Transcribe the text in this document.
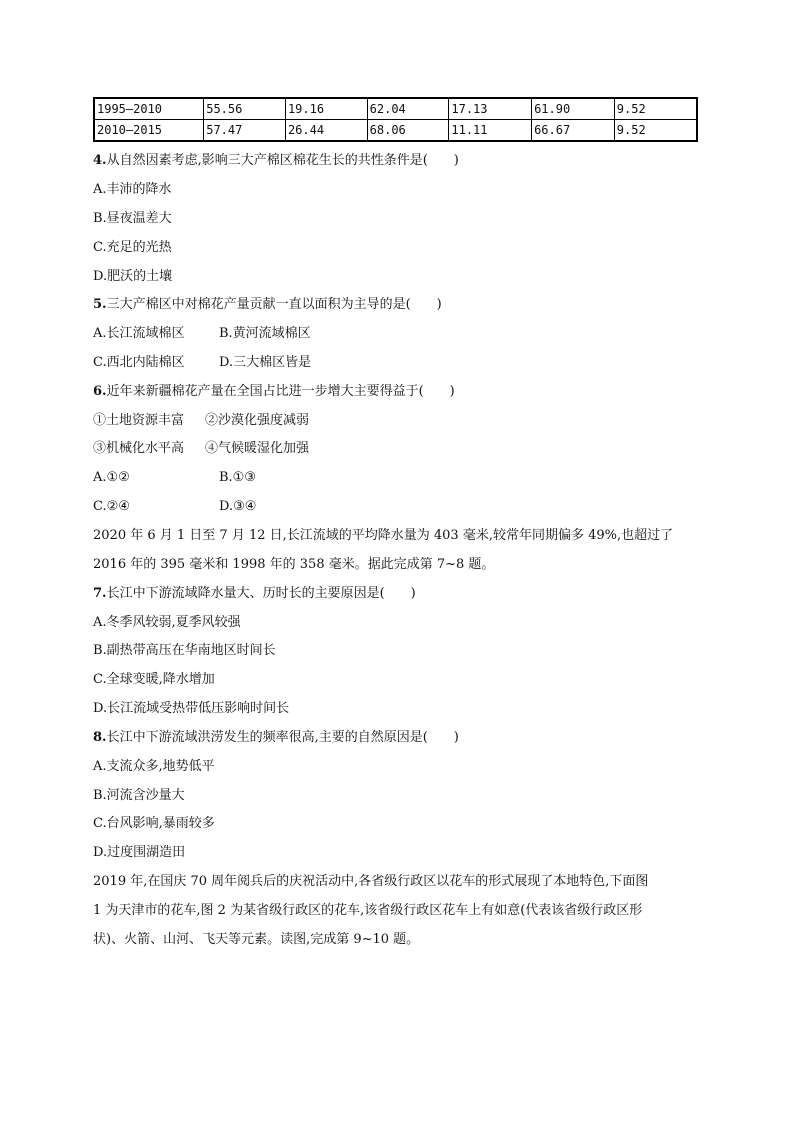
1995—2010	55.56	19.16	62.04	17.13	61.90	9.52
2010—2015	57.47	26.44	68.06	11.11	66.67	9.52
4.从自然因素考虑,影响三大产棉区棉花生长的共性条件是(　　)
A.丰沛的降水
B.昼夜温差大
C.充足的光热
D.肥沃的土壤
5.三大产棉区中对棉花产量贡献一直以面积为主导的是(　　)
A.长江流域棉区	B.黄河流域棉区
C.西北内陆棉区	D.三大棉区皆是
6.近年来新疆棉花产量在全国占比进一步增大主要得益于(　　)
①土地资源丰富 ②沙漠化强度减弱
③机械化水平高 ④气候暖湿化加强
A.①②	B.①③
C.②④	D.③④
2020 年 6 月 1 日至 7 月 12 日,长江流域的平均降水量为 403 毫米,较常年同期偏多 49%,也超过了
2016 年的 395 毫米和 1998 年的 358 毫米。据此完成第 7~8 题。
7.长江中下游流域降水量大、历时长的主要原因是(　　)
A.冬季风较弱,夏季风较强
B.副热带高压在华南地区时间长
C.全球变暖,降水增加
D.长江流域受热带低压影响时间长
8.长江中下游流域洪涝发生的频率很高,主要的自然原因是(　　)
A.支流众多,地势低平
B.河流含沙量大
C.台风影响,暴雨较多
D.过度围湖造田
2019 年,在国庆 70 周年阅兵后的庆祝活动中,各省级行政区以花车的形式展现了本地特色,下面图
1 为天津市的花车,图 2 为某省级行政区的花车,该省级行政区花车上有如意(代表该省级行政区形
状)、火箭、山河、飞天等元素。读图,完成第 9~10 题。
